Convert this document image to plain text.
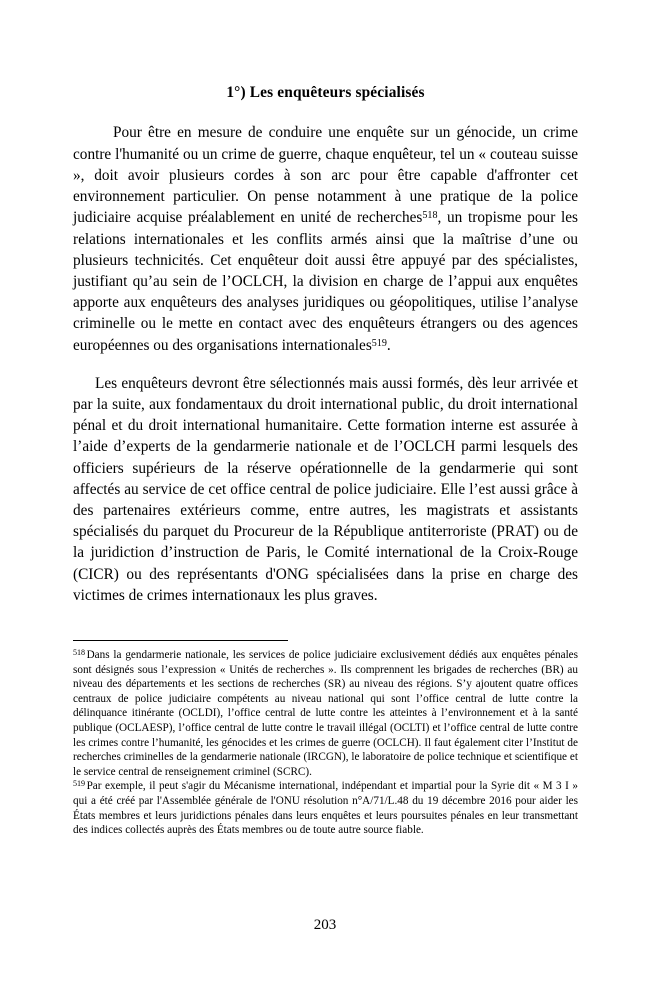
1°) Les enquêteurs spécialisés

Pour être en mesure de conduire une enquête sur un génocide, un crime contre l'humanité ou un crime de guerre, chaque enquêteur, tel un « couteau suisse », doit avoir plusieurs cordes à son arc pour être capable d'affronter cet environnement particulier. On pense notamment à une pratique de la police judiciaire acquise préalablement en unité de recherches$^{518}$, un tropisme pour les relations internationales et les conflits armés ainsi que la maîtrise d’une ou plusieurs technicités. Cet enquêteur doit aussi être appuyé par des spécialistes, justifiant qu’au sein de l’OCLCH, la division en charge de l’appui aux enquêtes apporte aux enquêteurs des analyses juridiques ou géopolitiques, utilise l’analyse criminelle ou le mette en contact avec des enquêteurs étrangers ou des agences européennes ou des organisations internationales$^{519}$.

Les enquêteurs devront être sélectionnés mais aussi formés, dès leur arrivée et par la suite, aux fondamentaux du droit international public, du droit international pénal et du droit international humanitaire. Cette formation interne est assurée à l’aide d’experts de la gendarmerie nationale et de l’OCLCH parmi lesquels des officiers supérieurs de la réserve opérationnelle de la gendarmerie qui sont affectés au service de cet office central de police judiciaire. Elle l’est aussi grâce à des partenaires extérieurs comme, entre autres, les magistrats et assistants spécialisés du parquet du Procureur de la République antiterroriste (PRAT) ou de la juridiction d’instruction de Paris, le Comité international de la Croix-Rouge (CICR) ou des représentants d'ONG spécialisées dans la prise en charge des victimes de crimes internationaux les plus graves.

$^{518}$ Dans la gendarmerie nationale, les services de police judiciaire exclusivement dédiés aux enquêtes pénales sont désignés sous l’expression « Unités de recherches ». Ils comprennent les brigades de recherches (BR) au niveau des départements et les sections de recherches (SR) au niveau des régions. S’y ajoutent quatre offices centraux de police judiciaire compétents au niveau national qui sont l’office central de lutte contre la délinquance itinérante (OCLDI), l’office central de lutte contre les atteintes à l’environnement et à la santé publique (OCLAESP), l’office central de lutte contre le travail illégal (OCLTI) et l’office central de lutte contre les crimes contre l’humanité, les génocides et les crimes de guerre (OCLCH). Il faut également citer l’Institut de recherches criminelles de la gendarmerie nationale (IRCGN), le laboratoire de police technique et scientifique et le service central de renseignement criminel (SCRC).

$^{519}$ Par exemple, il peut s'agir du Mécanisme international, indépendant et impartial pour la Syrie dit « M 3 I » qui a été créé par l'Assemblée générale de l'ONU résolution n°A/71/L.48 du 19 décembre 2016 pour aider les États membres et leurs juridictions pénales dans leurs enquêtes et leurs poursuites pénales en leur transmettant des indices collectés auprès des États membres ou de toute autre source fiable.

203
